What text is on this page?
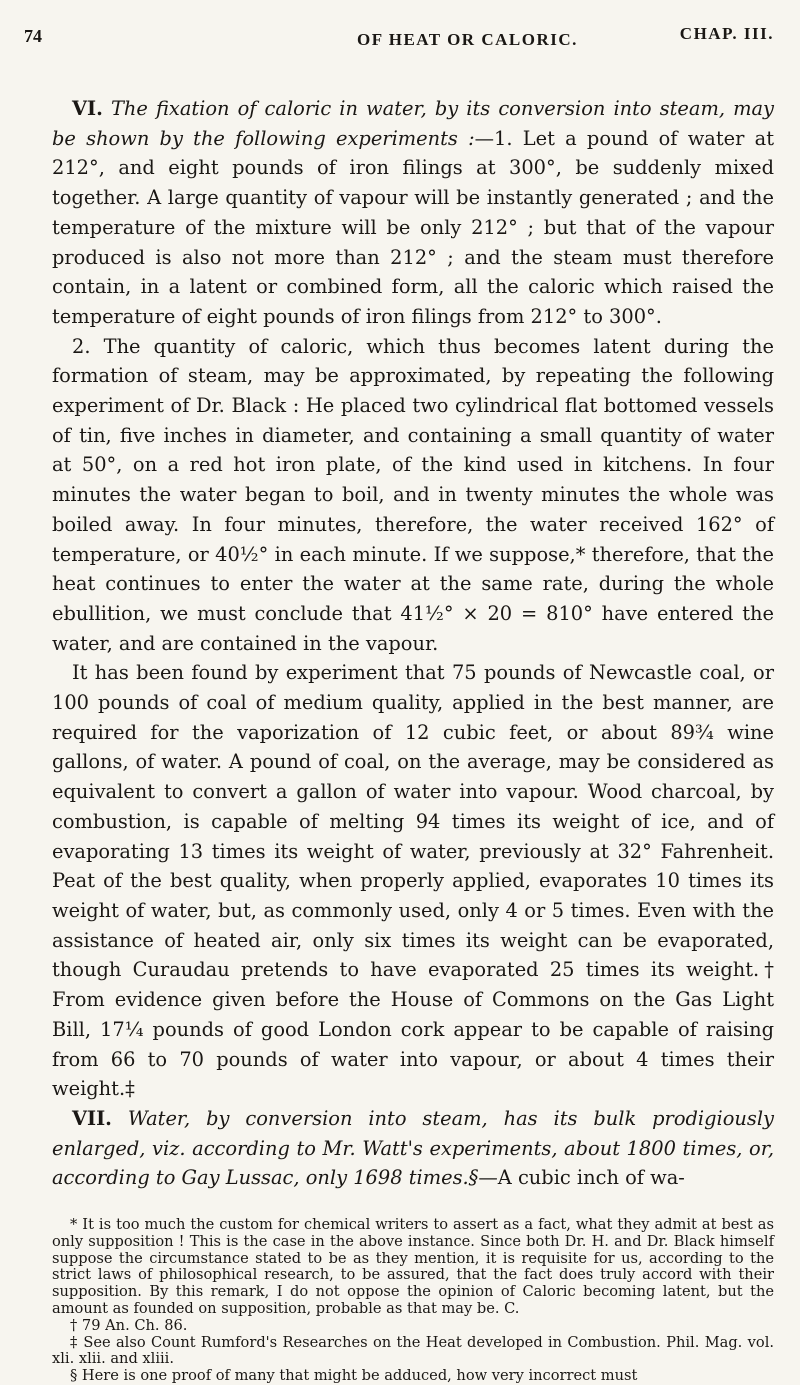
74	OF HEAT OR CALORIC.	CHAP. III.

VI. The fixation of caloric in water, by its conversion into steam, may be shown by the following experiments :—1. Let a pound of water at 212°, and eight pounds of iron filings at 300°, be suddenly mixed together. A large quantity of vapour will be instantly generated ; and the temperature of the mixture will be only 212° ; but that of the vapour produced is also not more than 212° ; and the steam must therefore contain, in a latent or combined form, all the caloric which raised the temperature of eight pounds of iron filings from 212° to 300°.

2. The quantity of caloric, which thus becomes latent during the formation of steam, may be approximated, by repeating the following experiment of Dr. Black : He placed two cylindrical flat bottomed vessels of tin, five inches in diameter, and containing a small quantity of water at 50°, on a red hot iron plate, of the kind used in kitchens. In four minutes the water began to boil, and in twenty minutes the whole was boiled away. In four minutes, therefore, the water received 162° of temperature, or 40½° in each minute. If we suppose,* therefore, that the heat continues to enter the water at the same rate, during the whole ebullition, we must conclude that 41½° × 20 = 810° have entered the water, and are contained in the vapour.

It has been found by experiment that 75 pounds of Newcastle coal, or 100 pounds of coal of medium quality, applied in the best manner, are required for the vaporization of 12 cubic feet, or about 89¾ wine gallons, of water. A pound of coal, on the average, may be considered as equivalent to convert a gallon of water into vapour. Wood charcoal, by combustion, is capable of melting 94 times its weight of ice, and of evaporating 13 times its weight of water, previously at 32° Fahrenheit. Peat of the best quality, when properly applied, evaporates 10 times its weight of water, but, as commonly used, only 4 or 5 times. Even with the assistance of heated air, only six times its weight can be evaporated, though Curaudau pretends to have evaporated 25 times its weight.† From evidence given before the House of Commons on the Gas Light Bill, 17¼ pounds of good London cork appear to be capable of raising from 66 to 70 pounds of water into vapour, or about 4 times their weight.‡

VII. Water, by conversion into steam, has its bulk prodigiously enlarged, viz. according to Mr. Watt's experiments, about 1800 times, or, according to Gay Lussac, only 1698 times.§—A cubic inch of wa-

* It is too much the custom for chemical writers to assert as a fact, what they admit at best as only supposition ! This is the case in the above instance. Since both Dr. H. and Dr. Black himself suppose the circumstance stated to be as they mention, it is requisite for us, according to the strict laws of philosophical research, to be assured, that the fact does truly accord with their supposition. By this remark, I do not oppose the opinion of Caloric becoming latent, but the amount as founded on supposition, probable as that may be. C.

† 79 An. Ch. 86.

‡ See also Count Rumford's Researches on the Heat developed in Combustion. Phil. Mag. vol. xli. xlii. and xliii.

§ Here is one proof of many that might be adduced, how very incorrect must
